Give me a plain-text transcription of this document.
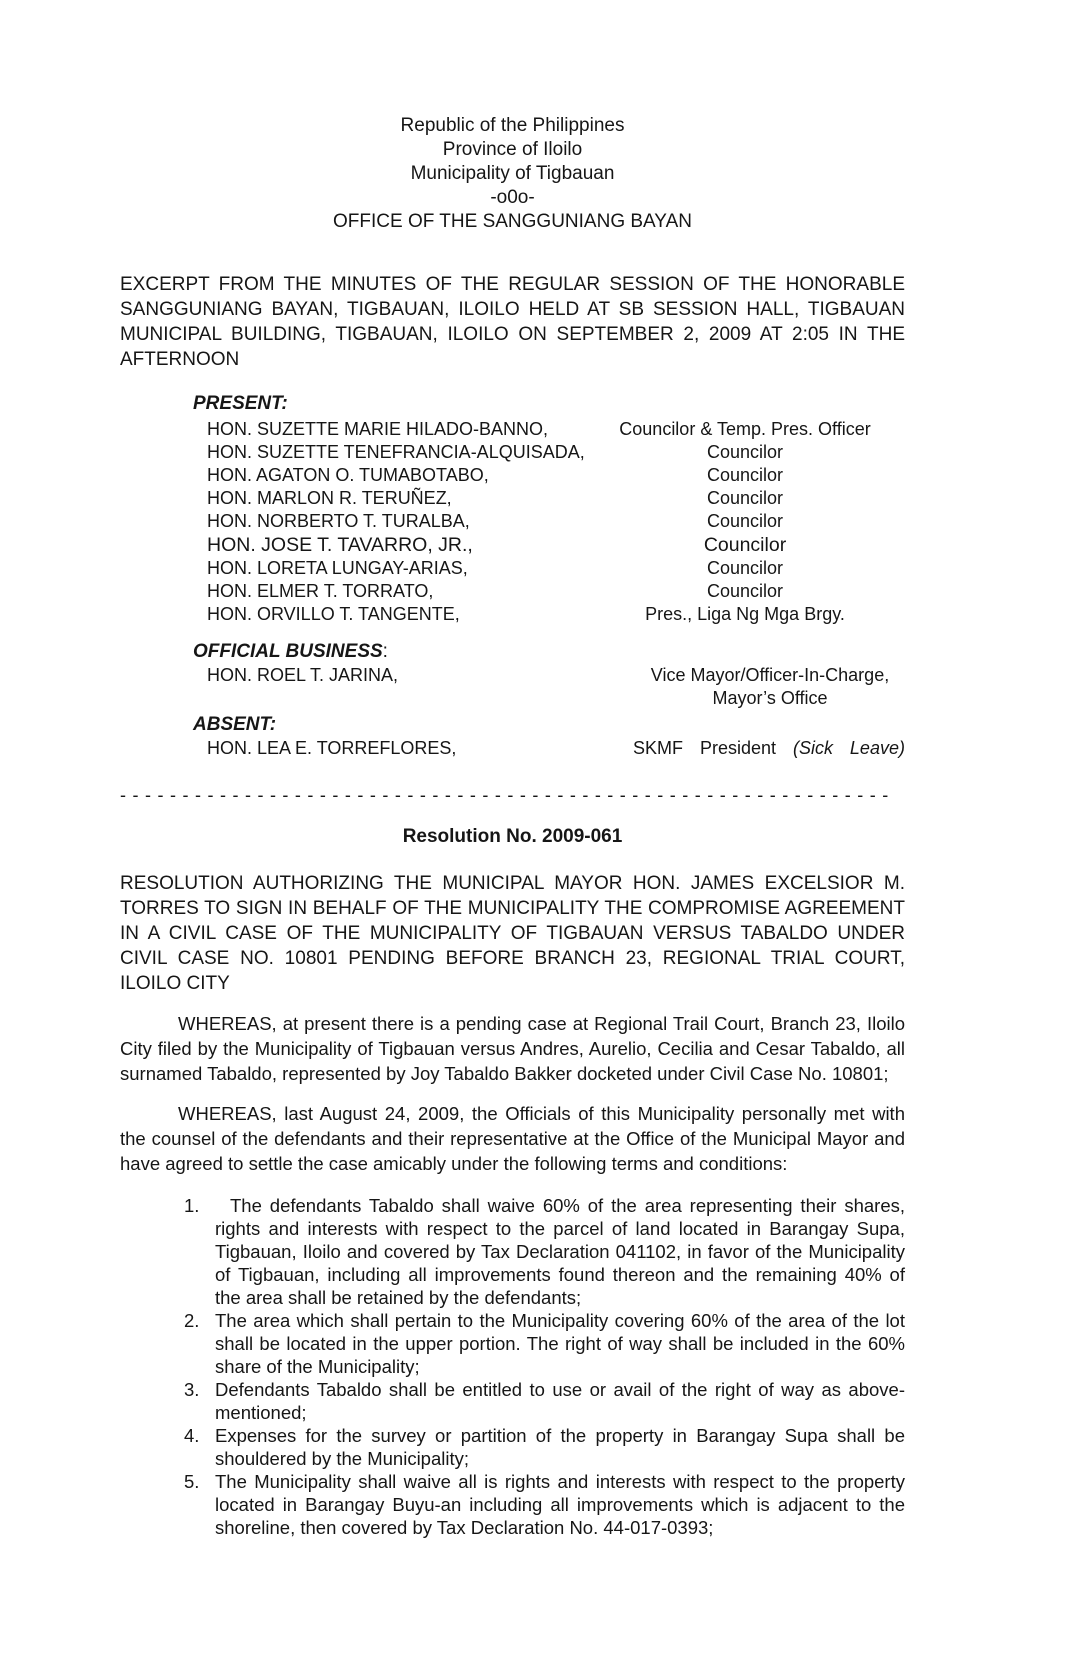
Republic of the Philippines
Province of Iloilo
Municipality of Tigbauan
-o0o-
OFFICE OF THE SANGGUNIANG BAYAN

EXCERPT FROM THE MINUTES OF THE REGULAR SESSION OF THE HONORABLE SANGGUNIANG BAYAN, TIGBAUAN, ILOILO HELD AT SB SESSION HALL, TIGBAUAN MUNICIPAL BUILDING, TIGBAUAN, ILOILO ON SEPTEMBER 2, 2009 AT 2:05 IN THE AFTERNOON

PRESENT:
HON. SUZETTE MARIE HILADO-BANNO,	Councilor & Temp. Pres. Officer
HON. SUZETTE TENEFRANCIA-ALQUISADA,	Councilor
HON. AGATON O. TUMABOTABO,	Councilor
HON. MARLON R. TERUÑEZ,	Councilor
HON. NORBERTO T. TURALBA,	Councilor
HON. JOSE T. TAVARRO, JR.,	Councilor
HON. LORETA LUNGAY-ARIAS,	Councilor
HON. ELMER T. TORRATO,	Councilor
HON. ORVILLO T. TANGENTE,	Pres., Liga Ng Mga Brgy.
OFFICIAL BUSINESS:
HON. ROEL T. JARINA,	Vice Mayor/Officer-In-Charge,
Mayor’s Office
ABSENT:
HON. LEA E. TORREFLORES,	SKMF President (Sick Leave)
- - - - - - - - - - - - - - - - - - - - - - - - - - - - - - - - - - - - - - - - - - - - - - - - - - - - - - - - - - - - - -
Resolution No. 2009-061

RESOLUTION AUTHORIZING THE MUNICIPAL MAYOR HON. JAMES EXCELSIOR M. TORRES TO SIGN IN BEHALF OF THE MUNICIPALITY THE COMPROMISE AGREEMENT IN A CIVIL CASE OF THE MUNICIPALITY OF TIGBAUAN VERSUS TABALDO UNDER CIVIL CASE NO. 10801 PENDING BEFORE BRANCH 23, REGIONAL TRIAL COURT, ILOILO CITY

WHEREAS, at present there is a pending case at Regional Trail Court, Branch 23, Iloilo City filed by the Municipality of Tigbauan versus Andres, Aurelio, Cecilia and Cesar Tabaldo, all surnamed Tabaldo, represented by Joy Tabaldo Bakker docketed under Civil Case No. 10801;

WHEREAS, last August 24, 2009, the Officials of this Municipality personally met with the counsel of the defendants and their representative at the Office of the Municipal Mayor and have agreed to settle the case amicably under the following terms and conditions:

1.	The defendants Tabaldo shall waive 60% of the area representing their shares, rights and interests with respect to the parcel of land located in Barangay Supa, Tigbauan, Iloilo and covered by Tax Declaration 041102, in favor of the Municipality of Tigbauan, including all improvements found thereon and the remaining 40% of the area shall be retained by the defendants;
2. The area which shall pertain to the Municipality covering 60% of the area of the lot shall be located in the upper portion. The right of way shall be included in the 60% share of the Municipality;
3. Defendants Tabaldo shall be entitled to use or avail of the right of way as above-mentioned;
4. Expenses for the survey or partition of the property in Barangay Supa shall be shouldered by the Municipality;
5. The Municipality shall waive all is rights and interests with respect to the property located in Barangay Buyu-an including all improvements which is adjacent to the shoreline, then covered by Tax Declaration No. 44-017-0393;
